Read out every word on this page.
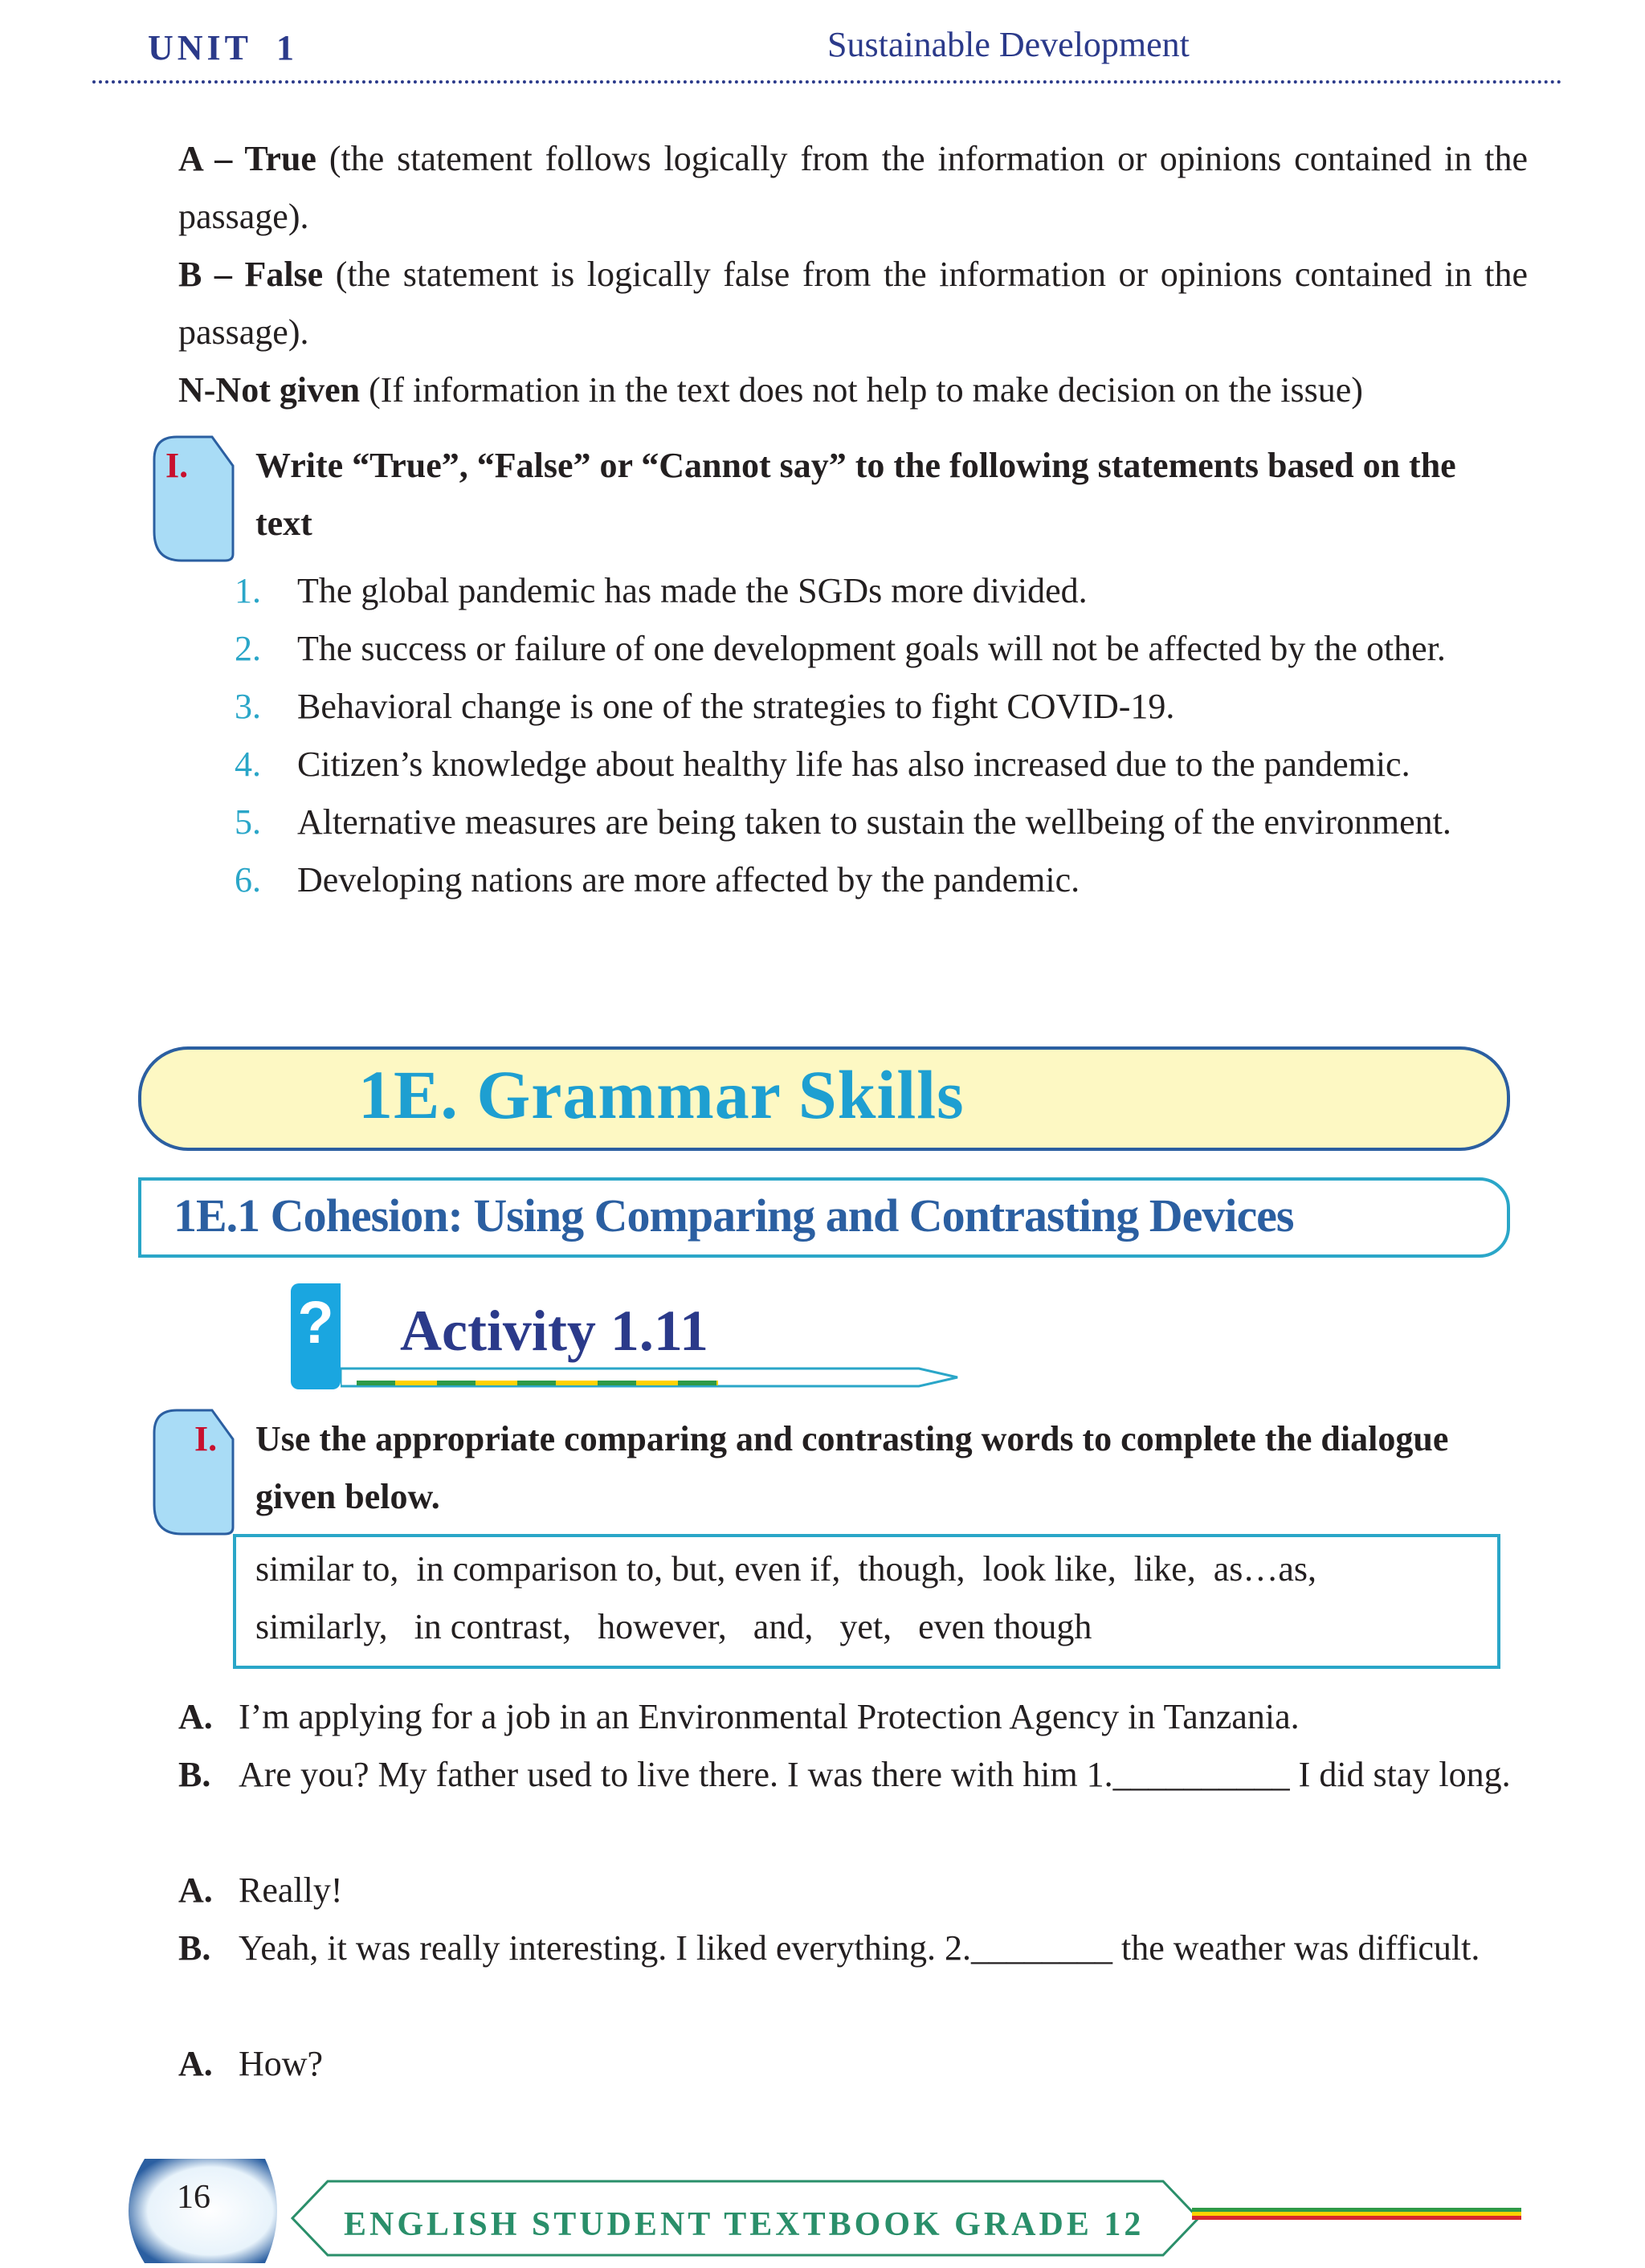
UNIT 1	Sustainable Development
A – True (the statement follows logically from the information or opinions contained in the passage).
B – False (the statement is logically false from the information or opinions contained in the passage).
N-Not given (If information in the text does not help to make decision on the issue)
I. Write “True”, “False” or “Cannot say” to the following statements based on the text
1. The global pandemic has made the SGDs more divided.
2. The success or failure of one development goals will not be affected by the other.
3. Behavioral change is one of the strategies to fight COVID-19.
4. Citizen’s knowledge about healthy life has also increased due to the pandemic.
5. Alternative measures are being taken to sustain the wellbeing of the environment.
6. Developing nations are more affected by the pandemic.
1E. Grammar Skills
1E.1 Cohesion: Using Comparing and Contrasting Devices
? Activity 1.11
I. Use the appropriate comparing and contrasting words to complete the dialogue given below.
similar to,  in comparison to, but, even if,  though,  look like,  like,  as…as,
similarly,   in contrast,   however,   and,   yet,   even though
A. I’m applying for a job in an Environmental Protection Agency in Tanzania.
B. Are you? My father used to live there. I was there with him 1.__________ I did stay long.
A. Really!
B. Yeah, it was really interesting. I liked everything. 2.________ the weather was difficult.
A. How?
16
ENGLISH STUDENT TEXTBOOK GRADE 12
